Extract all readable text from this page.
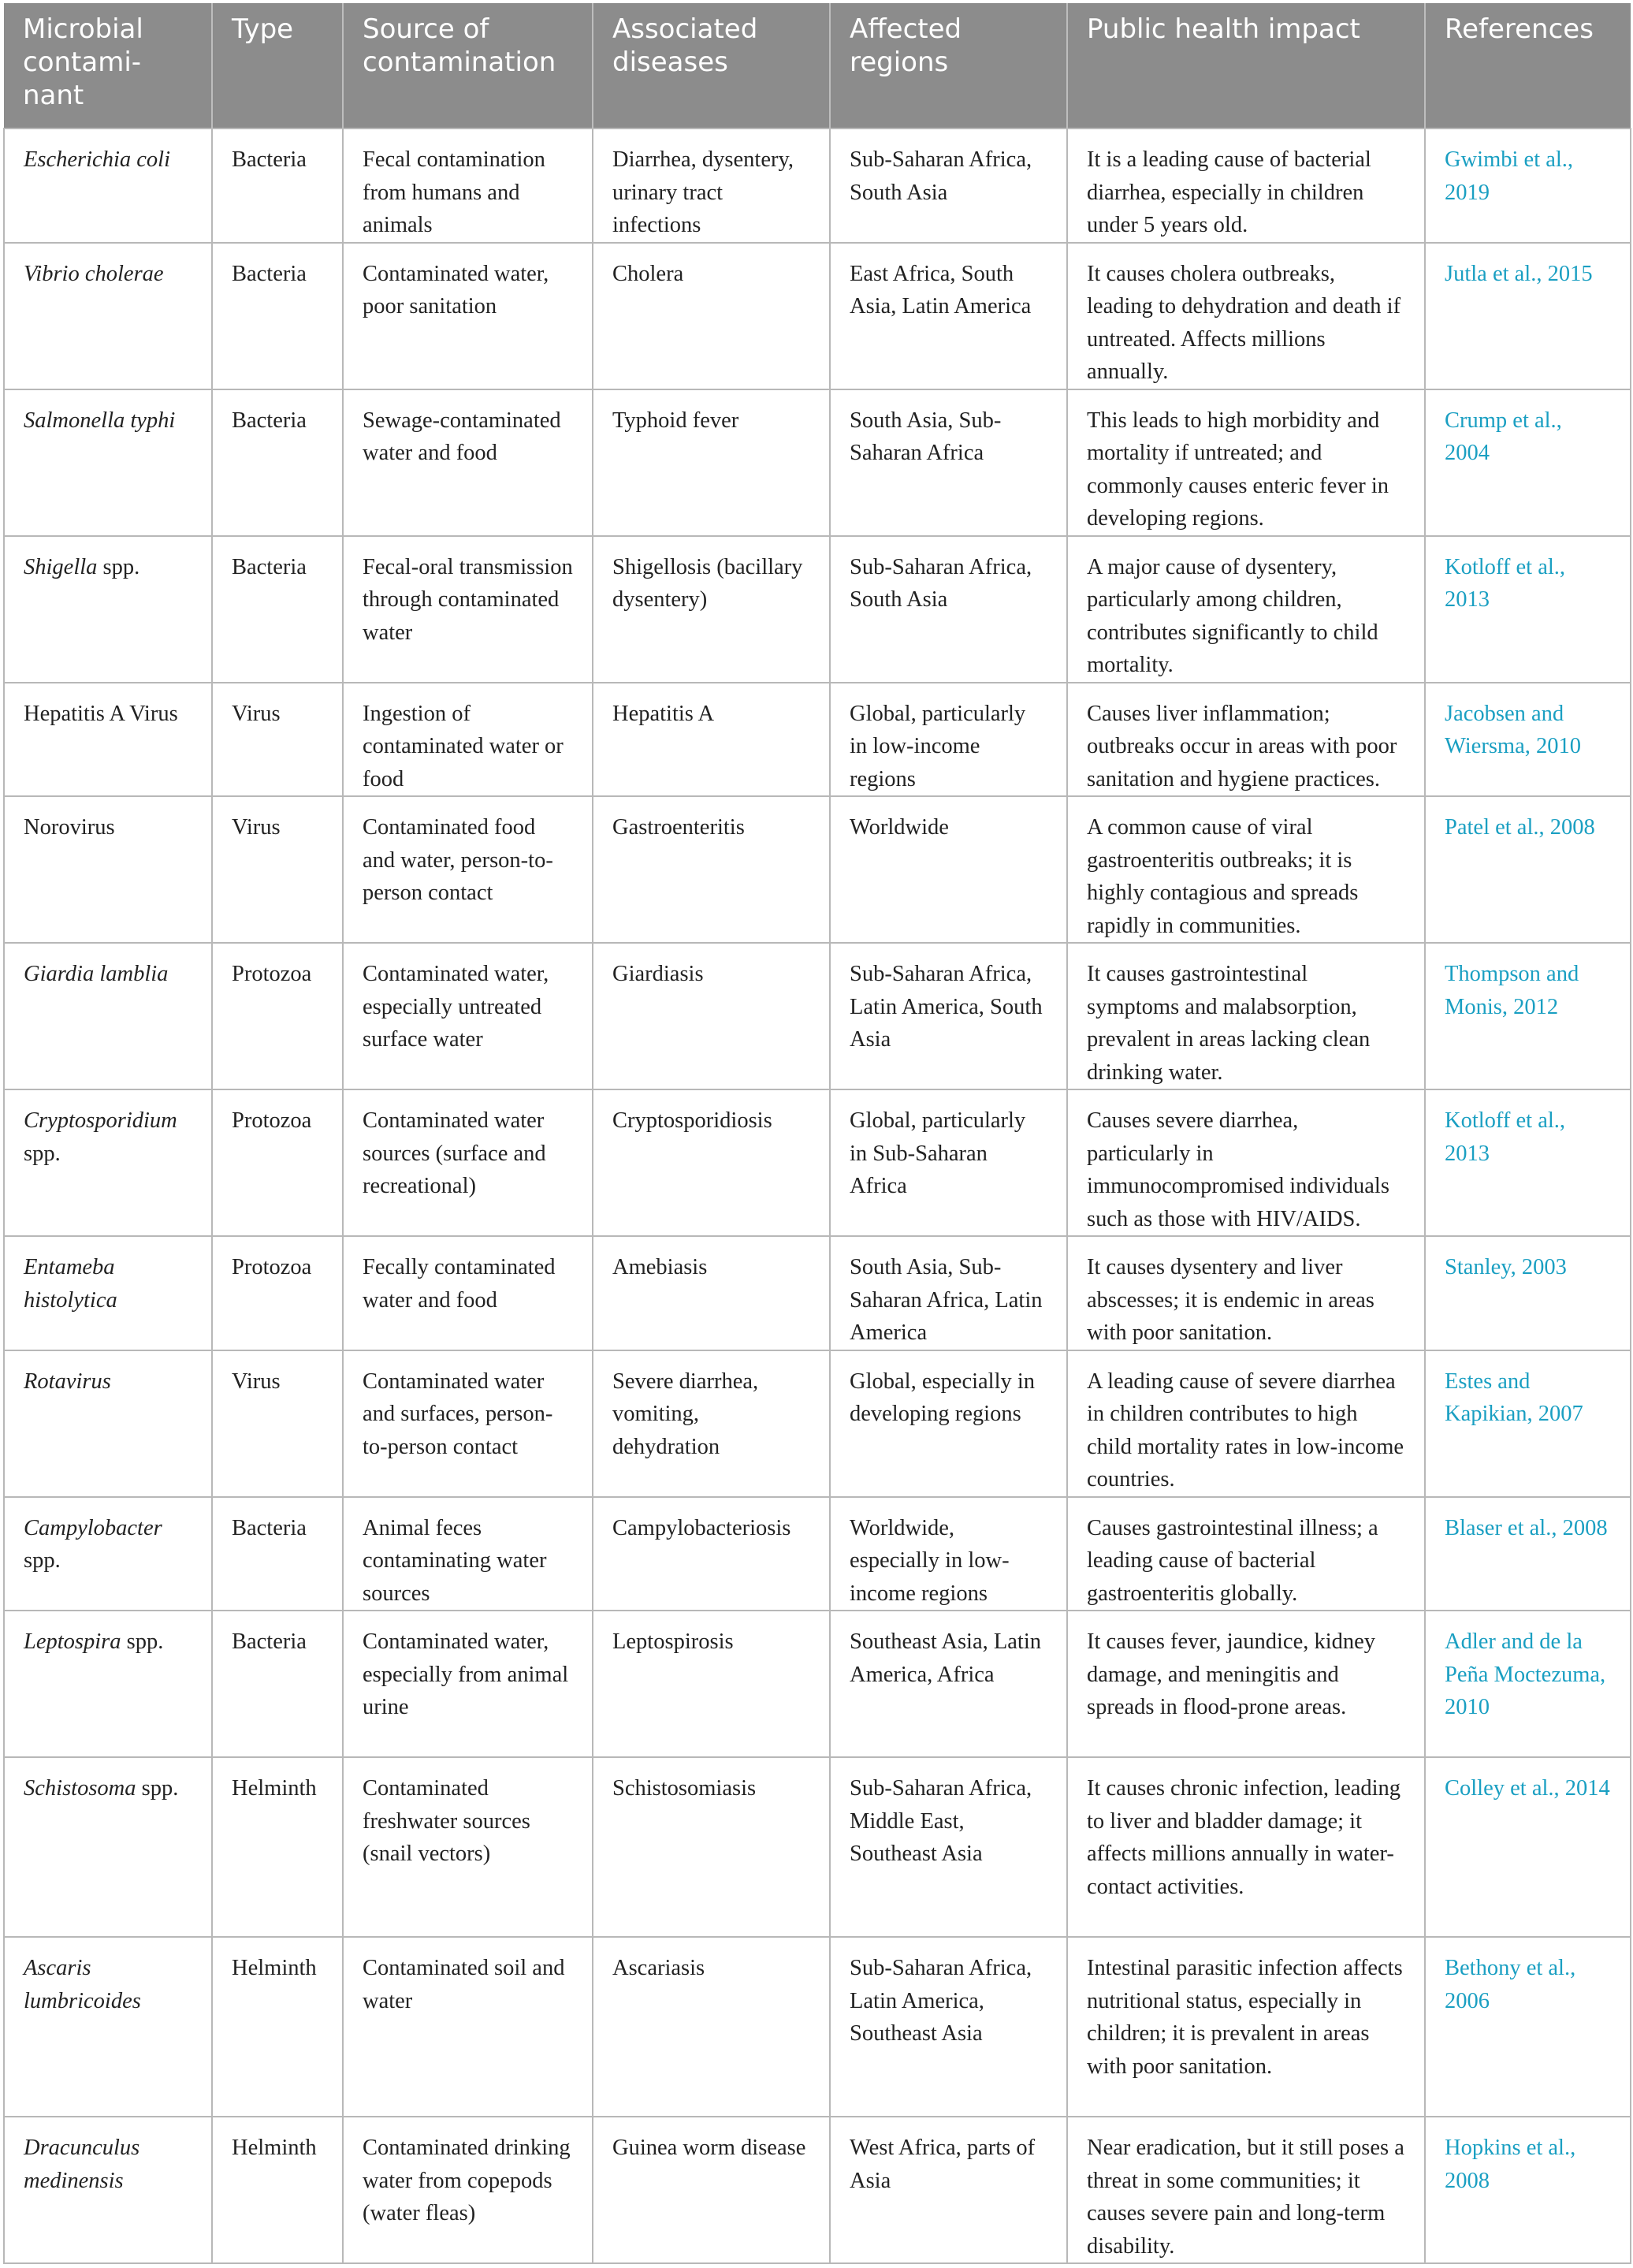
Microbial contami-nant	Type	Source of contamination	Associated diseases	Affected regions	Public health impact	References
Escherichia coli	Bacteria	Fecal contamination from humans and animals	Diarrhea, dysentery, urinary tract infections	Sub-Saharan Africa, South Asia	It is a leading cause of bacterial diarrhea, especially in children under 5 years old.	Gwimbi et al., 2019
Vibrio cholerae	Bacteria	Contaminated water, poor sanitation	Cholera	East Africa, South Asia, Latin America	It causes cholera outbreaks, leading to dehydration and death if untreated. Affects millions annually.	Jutla et al., 2015
Salmonella typhi	Bacteria	Sewage-contaminated water and food	Typhoid fever	South Asia, Sub-Saharan Africa	This leads to high morbidity and mortality if untreated; and commonly causes enteric fever in developing regions.	Crump et al., 2004
Shigella spp.	Bacteria	Fecal-oral transmission through contaminated water	Shigellosis (bacillary dysentery)	Sub-Saharan Africa, South Asia	A major cause of dysentery, particularly among children, contributes significantly to child mortality.	Kotloff et al., 2013
Hepatitis A Virus	Virus	Ingestion of contaminated water or food	Hepatitis A	Global, particularly in low-income regions	Causes liver inflammation; outbreaks occur in areas with poor sanitation and hygiene practices.	Jacobsen and Wiersma, 2010
Norovirus	Virus	Contaminated food and water, person-to-person contact	Gastroenteritis	Worldwide	A common cause of viral gastroenteritis outbreaks; it is highly contagious and spreads rapidly in communities.	Patel et al., 2008
Giardia lamblia	Protozoa	Contaminated water, especially untreated surface water	Giardiasis	Sub-Saharan Africa, Latin America, South Asia	It causes gastrointestinal symptoms and malabsorption, prevalent in areas lacking clean drinking water.	Thompson and Monis, 2012
Cryptosporidium spp.	Protozoa	Contaminated water sources (surface and recreational)	Cryptosporidiosis	Global, particularly in Sub-Saharan Africa	Causes severe diarrhea, particularly in immunocompromised individuals such as those with HIV/AIDS.	Kotloff et al., 2013
Entameba histolytica	Protozoa	Fecally contaminated water and food	Amebiasis	South Asia, Sub-Saharan Africa, Latin America	It causes dysentery and liver abscesses; it is endemic in areas with poor sanitation.	Stanley, 2003
Rotavirus	Virus	Contaminated water and surfaces, person-to-person contact	Severe diarrhea, vomiting, dehydration	Global, especially in developing regions	A leading cause of severe diarrhea in children contributes to high child mortality rates in low-income countries.	Estes and Kapikian, 2007
Campylobacter spp.	Bacteria	Animal feces contaminating water sources	Campylobacteriosis	Worldwide, especially in low-income regions	Causes gastrointestinal illness; a leading cause of bacterial gastroenteritis globally.	Blaser et al., 2008
Leptospira spp.	Bacteria	Contaminated water, especially from animal urine	Leptospirosis	Southeast Asia, Latin America, Africa	It causes fever, jaundice, kidney damage, and meningitis and spreads in flood-prone areas.	Adler and de la Peña Moctezuma, 2010
Schistosoma spp.	Helminth	Contaminated freshwater sources (snail vectors)	Schistosomiasis	Sub-Saharan Africa, Middle East, Southeast Asia	It causes chronic infection, leading to liver and bladder damage; it affects millions annually in water-contact activities.	Colley et al., 2014
Ascaris lumbricoides	Helminth	Contaminated soil and water	Ascariasis	Sub-Saharan Africa, Latin America, Southeast Asia	Intestinal parasitic infection affects nutritional status, especially in children; it is prevalent in areas with poor sanitation.	Bethony et al., 2006
Dracunculus medinensis	Helminth	Contaminated drinking water from copepods (water fleas)	Guinea worm disease	West Africa, parts of Asia	Near eradication, but it still poses a threat in some communities; it causes severe pain and long-term disability.	Hopkins et al., 2008
